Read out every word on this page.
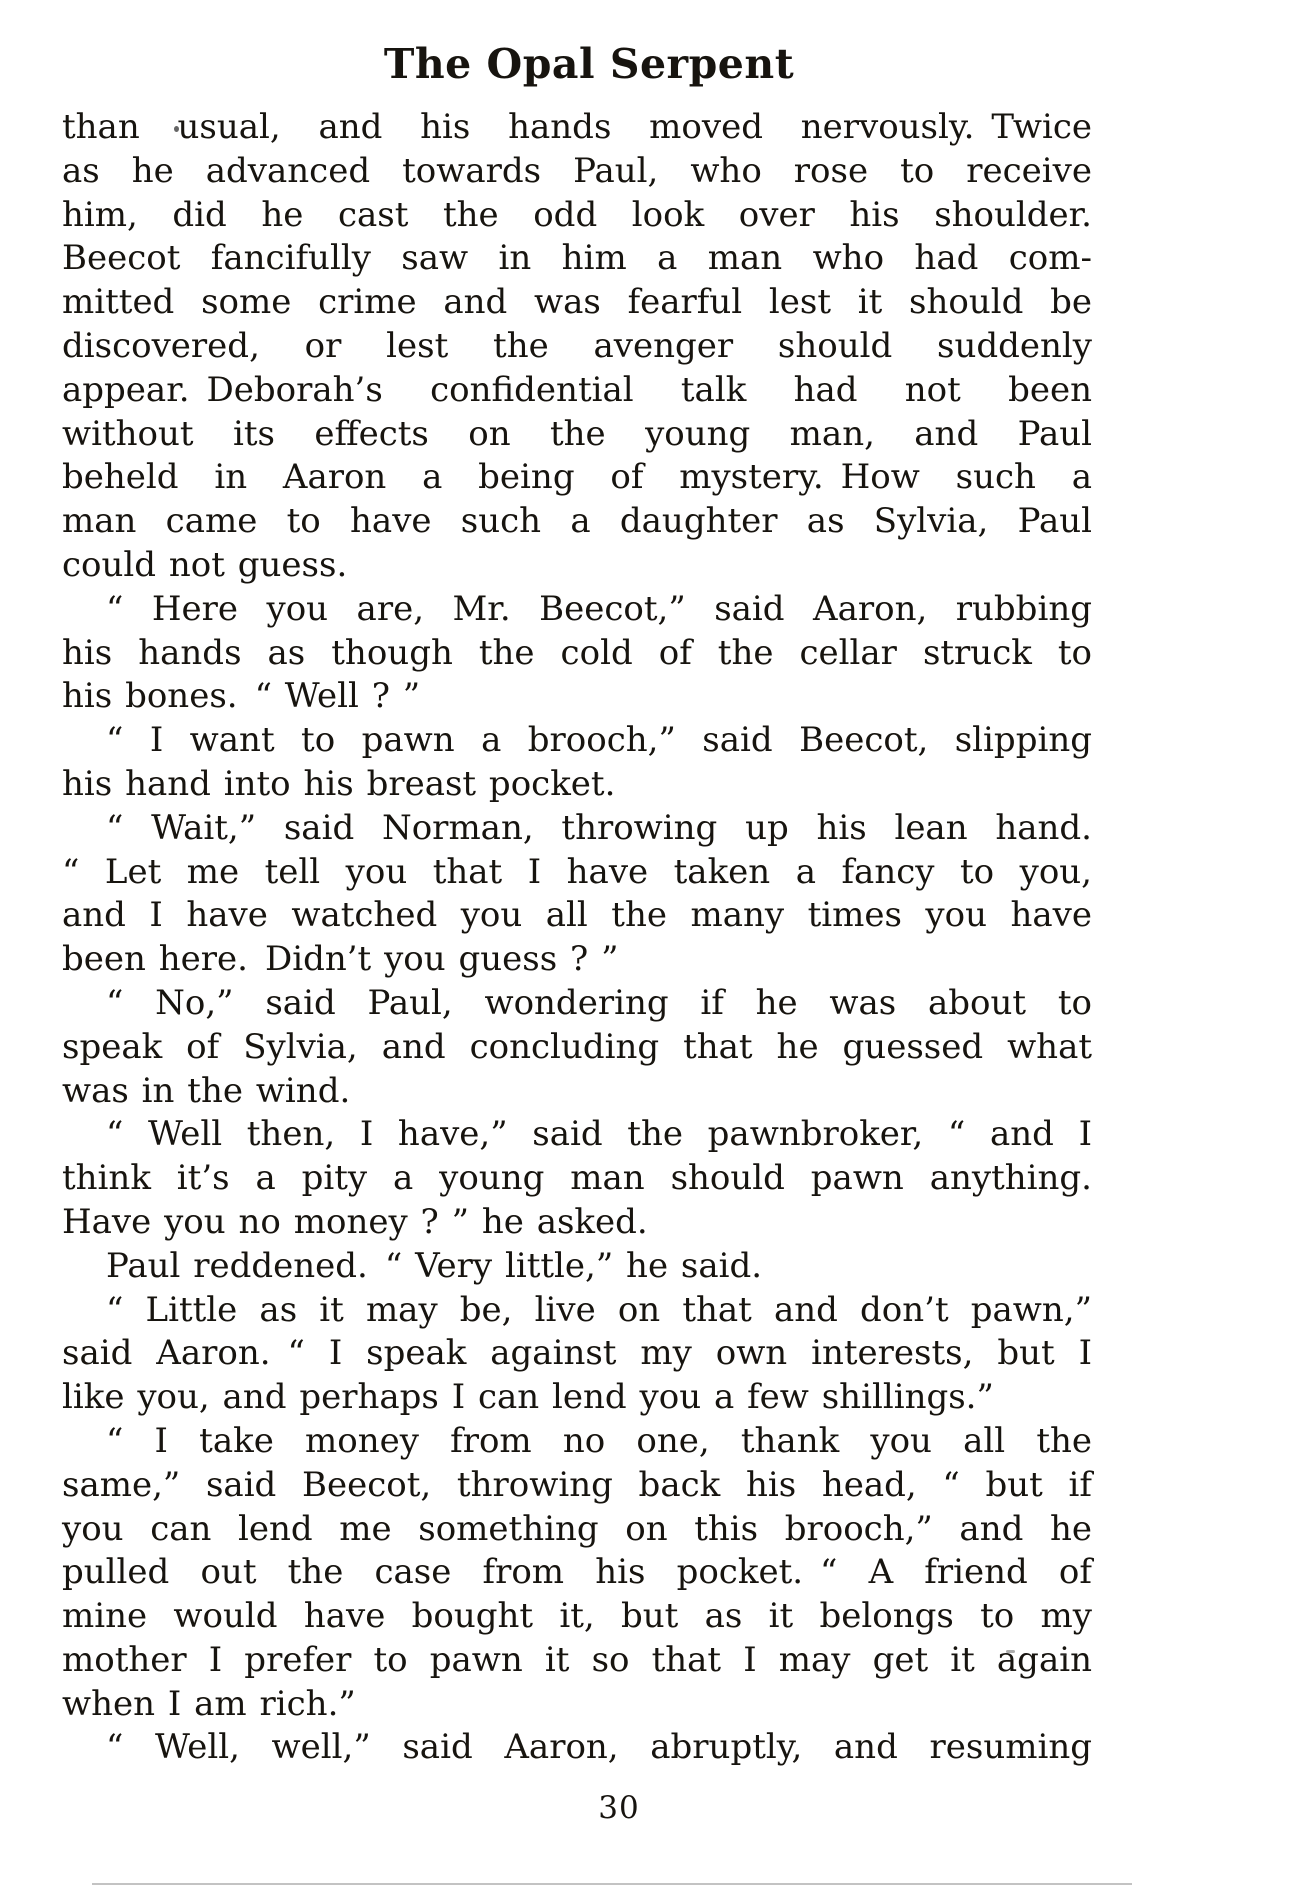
The Opal Serpent
than usual, and his hands moved nervously. Twice
as he advanced towards Paul, who rose to receive
him, did he cast the odd look over his shoulder.
Beecot fancifully saw in him a man who had com-
mitted some crime and was fearful lest it should be
discovered, or lest the avenger should suddenly
appear. Deborah’s confidential talk had not been
without its effects on the young man, and Paul
beheld in Aaron a being of mystery. How such a
man came to have such a daughter as Sylvia, Paul
could not guess.
“ Here you are, Mr. Beecot,” said Aaron, rubbing
his hands as though the cold of the cellar struck to
his bones. “ Well ? ”
“ I want to pawn a brooch,” said Beecot, slipping
his hand into his breast pocket.
“ Wait,” said Norman, throwing up his lean hand.
“ Let me tell you that I have taken a fancy to you,
and I have watched you all the many times you have
been here. Didn’t you guess ? ”
“ No,” said Paul, wondering if he was about to
speak of Sylvia, and concluding that he guessed what
was in the wind.
“ Well then, I have,” said the pawnbroker, “ and I
think it’s a pity a young man should pawn anything.
Have you no money ? ” he asked.
Paul reddened. “ Very little,” he said.
“ Little as it may be, live on that and don’t pawn,”
said Aaron. “ I speak against my own interests, but I
like you, and perhaps I can lend you a few shillings.”
“ I take money from no one, thank you all the
same,” said Beecot, throwing back his head, “ but if
you can lend me something on this brooch,” and he
pulled out the case from his pocket. “ A friend of
mine would have bought it, but as it belongs to my
mother I prefer to pawn it so that I may get it again
when I am rich.”
“ Well, well,” said Aaron, abruptly, and resuming
30
